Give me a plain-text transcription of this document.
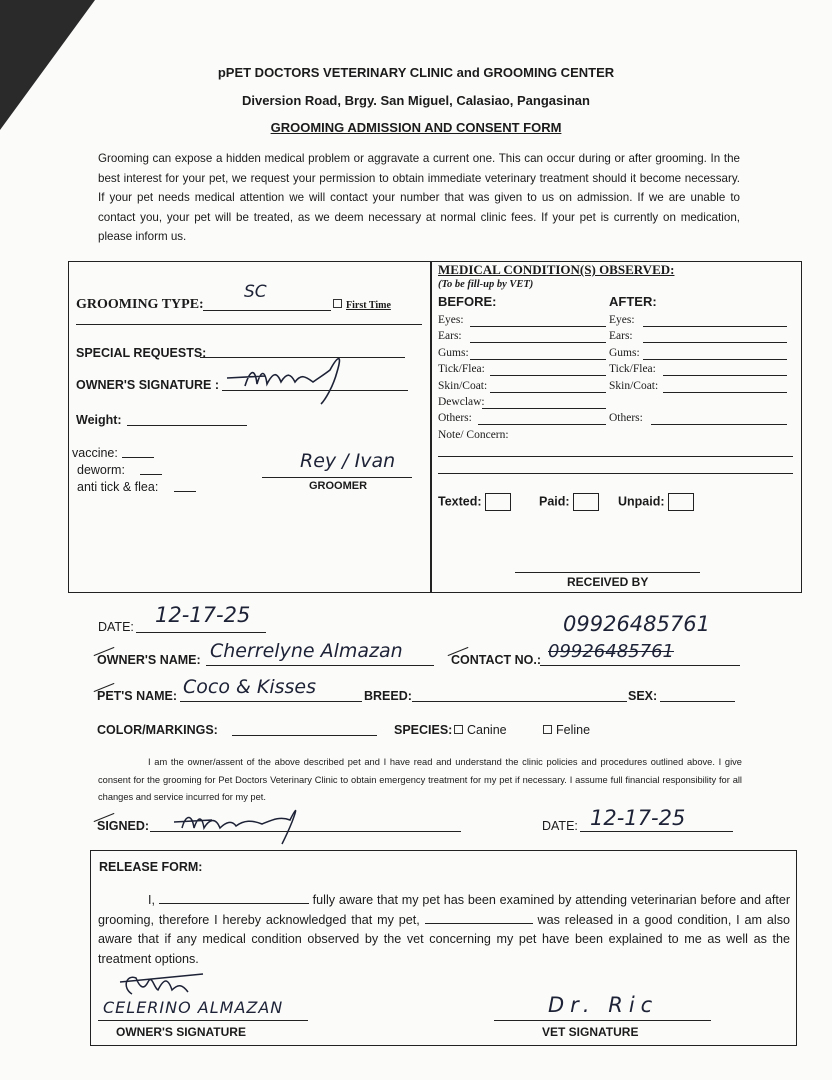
pPET DOCTORS VETERINARY CLINIC and GROOMING CENTER
Diversion Road, Brgy. San Miguel, Calasiao, Pangasinan
GROOMING ADMISSION AND CONSENT FORM
Grooming can expose a hidden medical problem or aggravate a current one. This can occur during or after grooming. In the best interest for your pet, we request your permission to obtain immediate veterinary treatment should it become necessary. If your pet needs medical attention we will contact your number that was given to us on admission. If we are unable to contact you, your pet will be treated, as we deem necessary at normal clinic fees. If your pet is currently on medication, please inform us.
GROOMING TYPE:
SC
First Time
SPECIAL REQUESTS:
OWNER'S SIGNATURE :
Weight:
vaccine:
deworm:
anti tick & flea:
Rey / Ivan
GROOMER
MEDICAL CONDITION(S) OBSERVED:
(To be fill-up by VET)
BEFORE:	AFTER:
Eyes:	Eyes:
Ears:	Ears:
Gums:	Gums:
Tick/Flea:	Tick/Flea:
Skin/Coat:	Skin/Coat:
Dewclaw:
Others:	Others:
Note/ Concern:
Texted:	Paid:	Unpaid:
RECEIVED BY
DATE: 12-17-25
OWNER'S NAME: Cherrelyne Almazan	CONTACT NO.: 09926485761
09926485761
PET'S NAME: Coco & Kisses	BREED:	SEX:
COLOR/MARKINGS:	SPECIES:	Canine	Feline
I am the owner/assent of the above described pet and I have read and understand the clinic policies and procedures outlined above. I give consent for the grooming for Pet Doctors Veterinary Clinic to obtain emergency treatment for my pet if necessary. I assume full financial responsibility for all changes and service incurred for my pet.
SIGNED:	DATE: 12-17-25
RELEASE FORM:
I,	fully aware that my pet has been examined by attending veterinarian before and after grooming, therefore I hereby acknowledged that my pet,	was released in a good condition, I am also aware that if any medical condition observed by the vet concerning my pet have been explained to me as well as the treatment options.
CELERINO ALMAZAN
OWNER'S SIGNATURE
Dr. Ric
VET SIGNATURE
